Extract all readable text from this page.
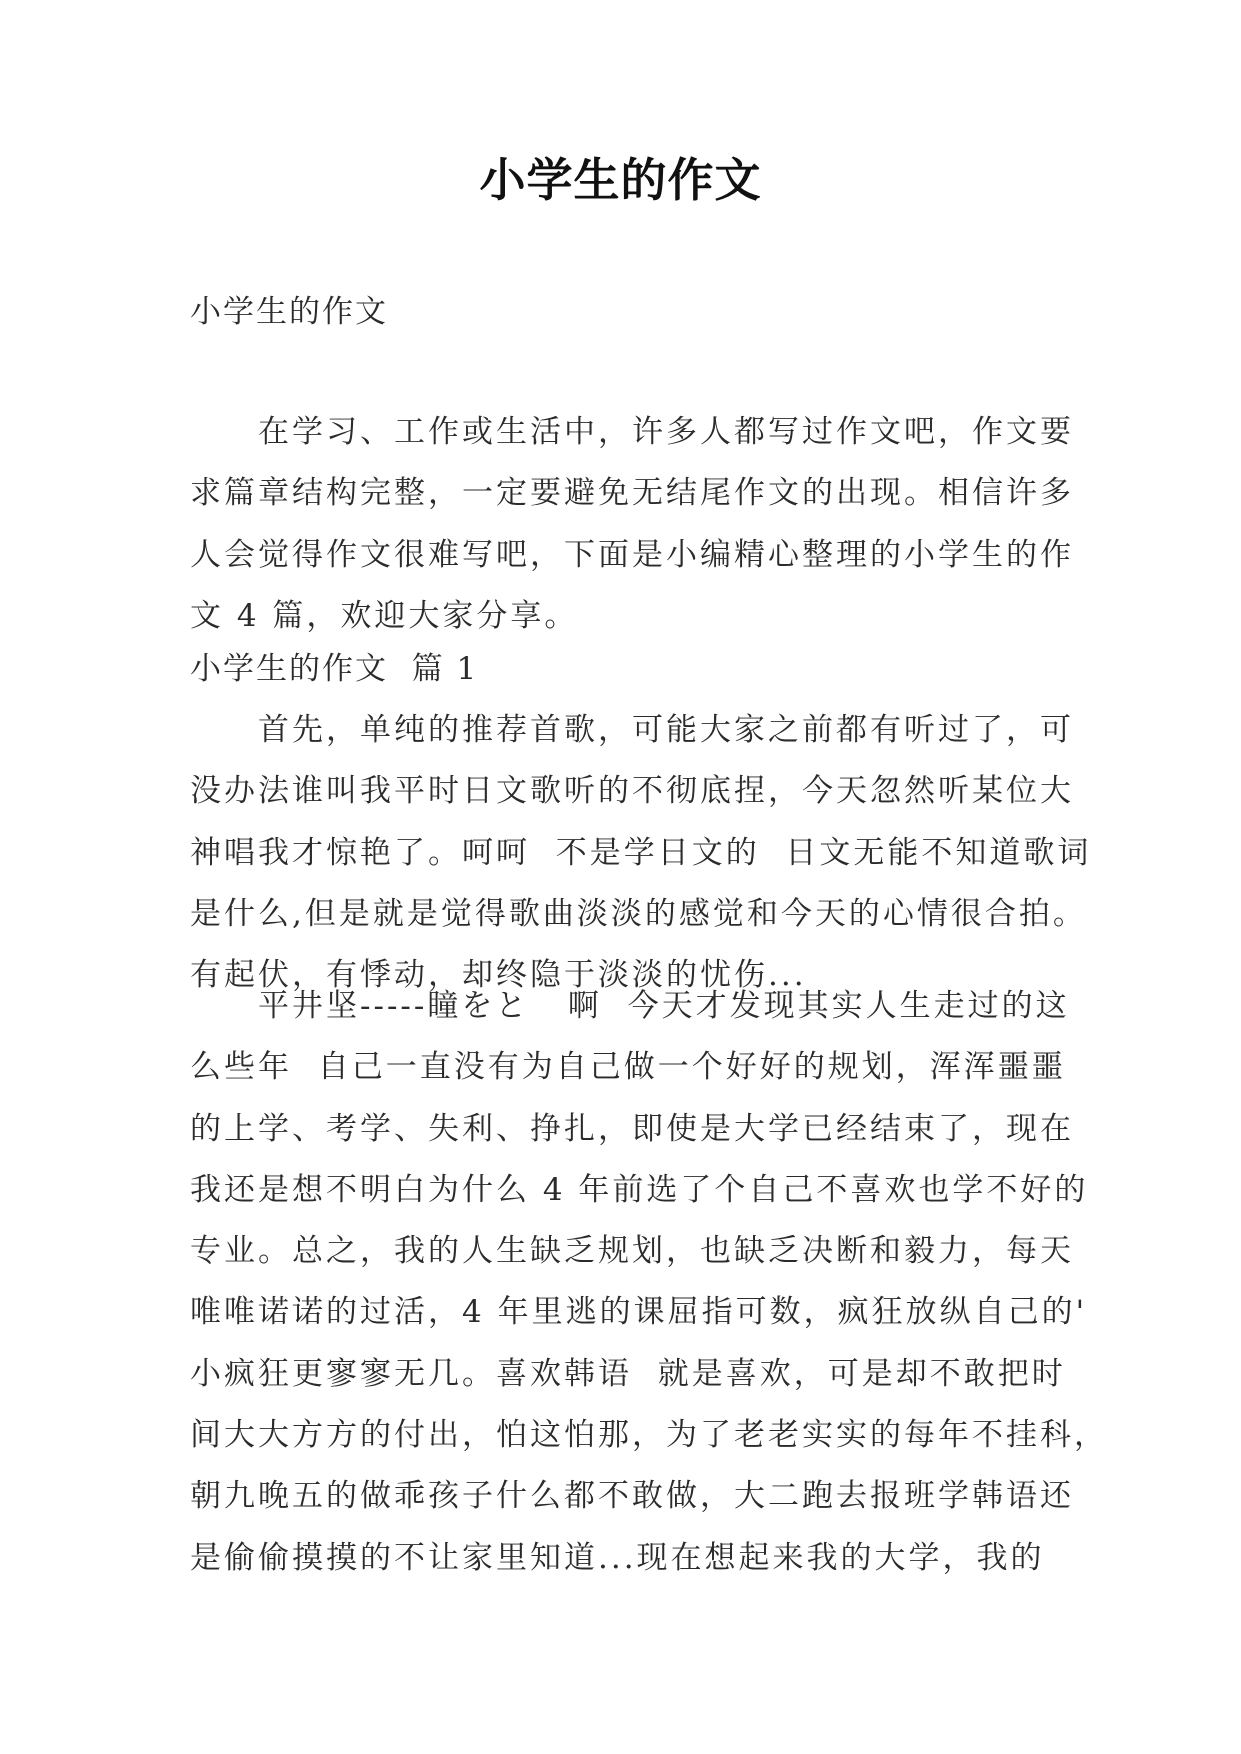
小学生的作文
小学生的作文
在学习、工作或生活中，许多人都写过作文吧，作文要
求篇章结构完整，一定要避免无结尾作文的出现。相信许多
人会觉得作文很难写吧，下面是小编精心整理的小学生的作
文 4 篇，欢迎大家分享。
小学生的作文  篇 1
首先，单纯的推荐首歌，可能大家之前都有听过了，可
没办法谁叫我平时日文歌听的不彻底捏，今天忽然听某位大
神唱我才惊艳了。呵呵  不是学日文的  日文无能不知道歌词
是什么,但是就是觉得歌曲淡淡的感觉和今天的心情很合拍。
有起伏，有悸动，却终隐于淡淡的忧伤...
平井坚-----瞳をと   啊  今天才发现其实人生走过的这
么些年  自己一直没有为自己做一个好好的规划，浑浑噩噩
的上学、考学、失利、挣扎，即使是大学已经结束了，现在
我还是想不明白为什么 4 年前选了个自己不喜欢也学不好的
专业。总之，我的人生缺乏规划，也缺乏决断和毅力，每天
唯唯诺诺的过活，4 年里逃的课屈指可数，疯狂放纵自己的'
小疯狂更寥寥无几。喜欢韩语  就是喜欢，可是却不敢把时
间大大方方的付出，怕这怕那，为了老老实实的每年不挂科，
朝九晚五的做乖孩子什么都不敢做，大二跑去报班学韩语还
是偷偷摸摸的不让家里知道...现在想起来我的大学，我的
